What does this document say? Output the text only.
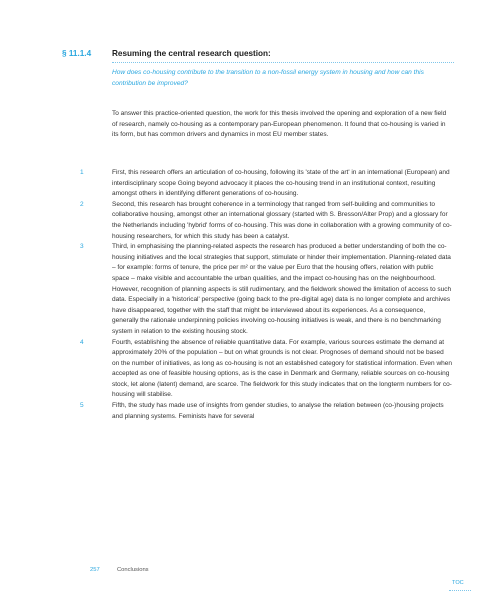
§ 11.1.4	Resuming the central research question:
How does co-housing contribute to the transition to a non-fossil energy system in housing and how can this contribution be improved?
To answer this practice-oriented question, the work for this thesis involved the opening and exploration of a new field of research, namely co-housing as a contemporary pan-European phenomenon. It found that co-housing is varied in its form, but has common drivers and dynamics in most EU member states.
1	First, this research offers an articulation of co-housing, following its 'state of the art' in an international (European) and interdisciplinary scope Going beyond advocacy it places the co-housing trend in an institutional context, resulting amongst others in identifying different generations of co-housing.
2	Second, this research has brought coherence in a terminology that ranged from self-building and communities to collaborative housing, amongst other an international glossary (started with S. Bresson/Alter Prop) and a glossary for the Netherlands including 'hybrid' forms of co-housing. This was done in collaboration with a growing community of co-housing researchers, for which this study has been a catalyst.
3	Third, in emphasising the planning-related aspects the research has produced a better understanding of both the co-housing initiatives and the local strategies that support, stimulate or hinder their implementation. Planning-related data – for example: forms of tenure, the price per m² or the value per Euro that the housing offers, relation with public space – make visible and accountable the urban qualities, and the impact co-housing has on the neighbourhood. However, recognition of planning aspects is still rudimentary, and the fieldwork showed the limitation of access to such data. Especially in a 'historical' perspective (going back to the pre-digital age) data is no longer complete and archives have disappeared, together with the staff that might be interviewed about its experiences. As a consequence, generally the rationale underpinning policies involving co-housing initiatives is weak, and there is no benchmarking system in relation to the existing housing stock.
4	Fourth, establishing the absence of reliable quantitative data. For example, various sources estimate the demand at approximately 20% of the population – but on what grounds is not clear. Prognoses of demand should not be based on the number of initiatives, as long as co-housing is not an established category for statistical information. Even when accepted as one of feasible housing options, as is the case in Denmark and Germany, reliable sources on co-housing stock, let alone (latent) demand, are scarce. The fieldwork for this study indicates that on the longterm numbers for co-housing will stabilise.
5	Fifth, the study has made use of insights from gender studies, to analyse the relation between (co-)housing projects and planning systems. Feminists have for several
257	Conclusions
TOC
